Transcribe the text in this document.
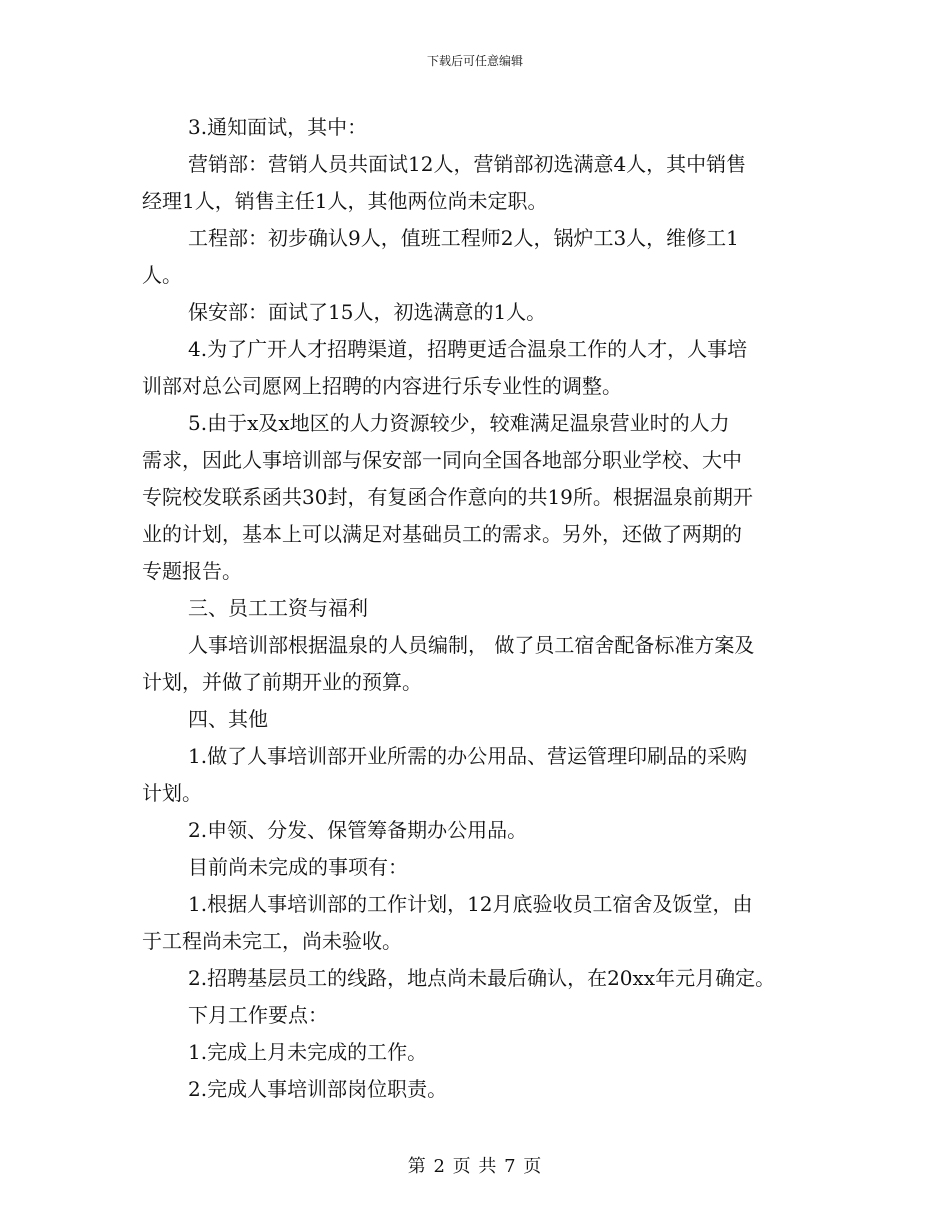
下载后可任意编辑
3.通知面试，其中：
营销部：营销人员共面试12人，营销部初选满意4人，其中销售
经理1人，销售主任1人，其他两位尚未定职。
工程部：初步确认9人，值班工程师2人，锅炉工3人，维修工1
人。
保安部：面试了15人，初选满意的1人。
4.为了广开人才招聘渠道，招聘更适合温泉工作的人才，人事培
训部对总公司愿网上招聘的内容进行乐专业性的调整。
5.由于x及x地区的人力资源较少，较难满足温泉营业时的人力
需求，因此人事培训部与保安部一同向全国各地部分职业学校、大中
专院校发联系函共30封，有复函合作意向的共19所。根据温泉前期开
业的计划，基本上可以满足对基础员工的需求。另外，还做了两期的
专题报告。
三、员工工资与福利
人事培训部根据温泉的人员编制， 做了员工宿舍配备标准方案及
计划，并做了前期开业的预算。
四、其他
1.做了人事培训部开业所需的办公用品、营运管理印刷品的采购
计划。
2.申领、分发、保管筹备期办公用品。
目前尚未完成的事项有：
1.根据人事培训部的工作计划，12月底验收员工宿舍及饭堂，由
于工程尚未完工，尚未验收。
2.招聘基层员工的线路，地点尚未最后确认，在20xx年元月确定。
下月工作要点：
1.完成上月未完成的工作。
2.完成人事培训部岗位职责。
第 2 页 共 7 页
